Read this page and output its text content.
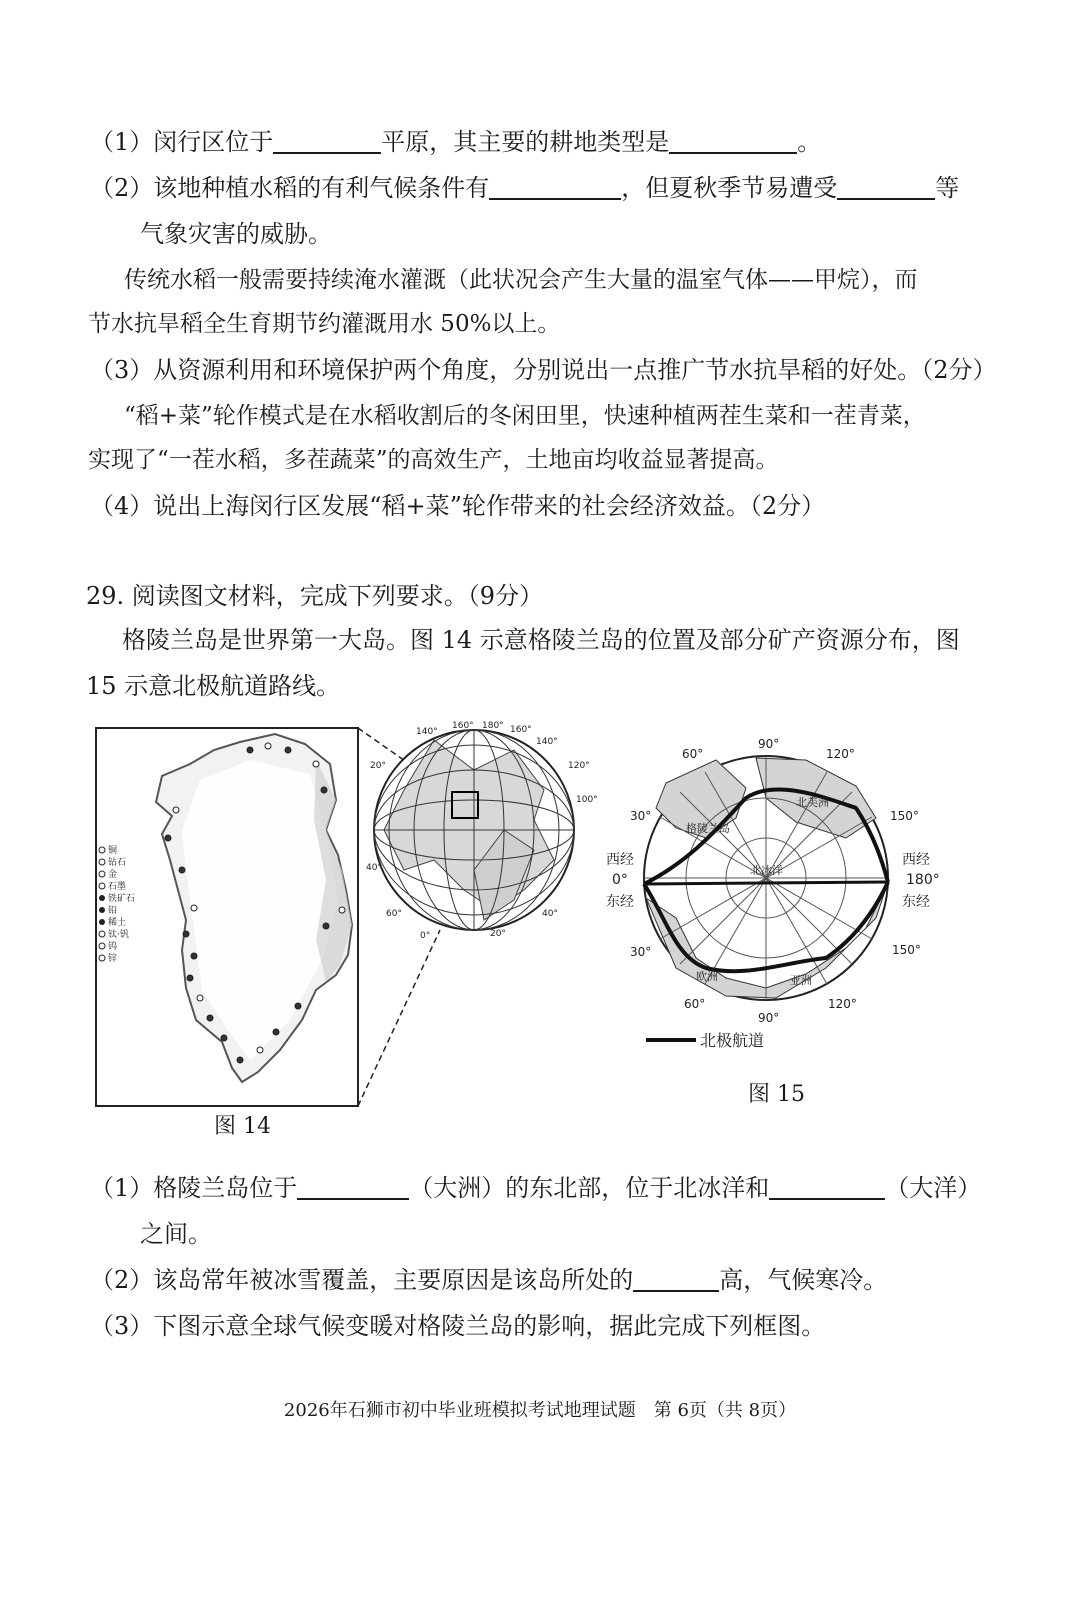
（1）闵行区位于	平原，其主要的耕地类型是	。
（2）该地种植水稻的有利气候条件有	，但夏秋季节易遭受	等
气象灾害的威胁。
传统水稻一般需要持续淹水灌溉（此状况会产生大量的温室气体——甲烷），而
节水抗旱稻全生育期节约灌溉用水 50%以上。
（3）从资源利用和环境保护两个角度，分别说出一点推广节水抗旱稻的好处。（2分）
“稻+菜”轮作模式是在水稻收割后的冬闲田里，快速种植两茬生菜和一茬青菜，
实现了“一茬水稻，多茬蔬菜”的高效生产，土地亩均收益显著提高。
（4）说出上海闵行区发展“稻+菜”轮作带来的社会经济效益。（2分）
29. 阅读图文材料，完成下列要求。（9分）
格陵兰岛是世界第一大岛。图 14 示意格陵兰岛的位置及部分矿产资源分布，图
15 示意北极航道路线。
铜
钻石
金
石墨
铁矿石
铅
稀土
钛·钒
钨
锌
140°
160° 180° 160°
140°
120°
100°
20°
40°
60°
0°	20°
40°
图 14
60°
90°
120°
30°
西经
0°
东经
30°
150°
西经
180°
东经
150°
60°
90°
120°
格陵兰岛
北美洲
北冰洋
亚洲
欧洲
北极航道
图 15
（1）格陵兰岛位于	（大洲）的东北部，位于北冰洋和	（大洋）
之间。
（2）该岛常年被冰雪覆盖，主要原因是该岛所处的	高，气候寒冷。
（3）下图示意全球气候变暖对格陵兰岛的影响，据此完成下列框图。
2026年石狮市初中毕业班模拟考试地理试题　第 6页（共 8页）
